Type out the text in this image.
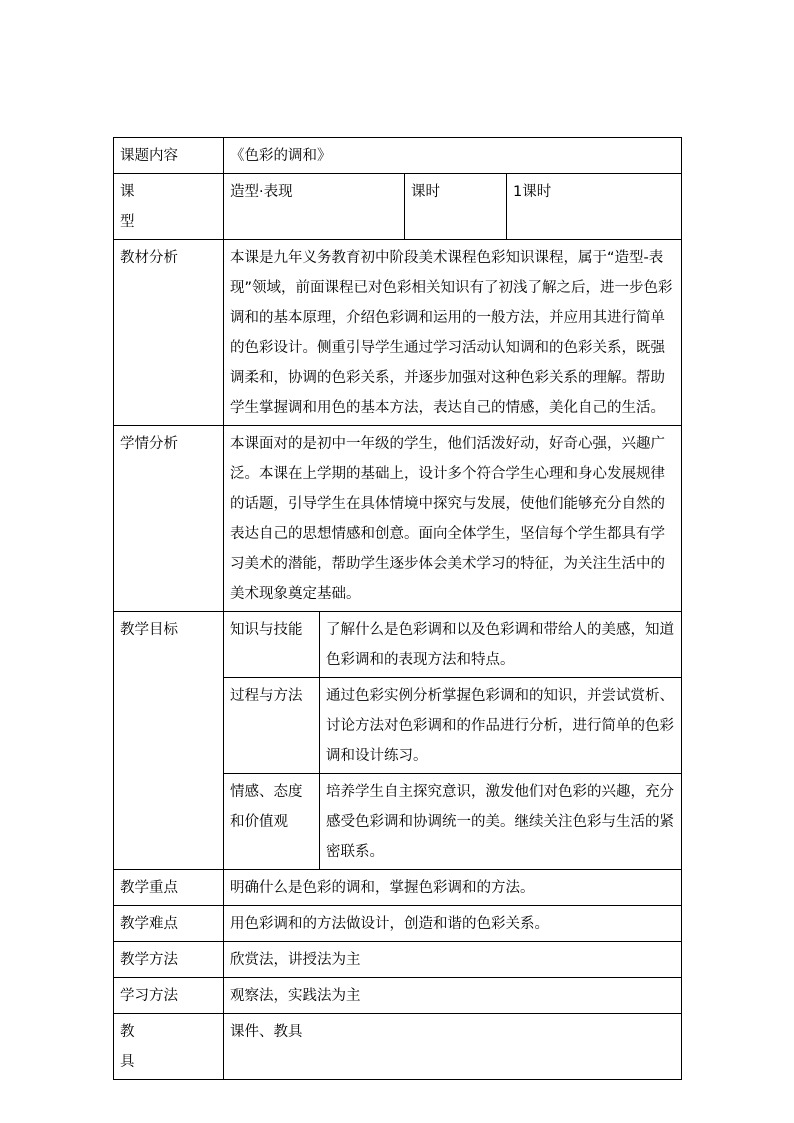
课题内容	《色彩的调和》			
课 型	造型·表现		课时	1课时
教材分析	本课是九年义务教育初中阶段美术课程色彩知识课程，属于“造型-表现”领域，前面课程已对色彩相关知识有了初浅了解之后，进一步色彩调和的基本原理，介绍色彩调和运用的一般方法，并应用其进行简单的色彩设计。侧重引导学生通过学习活动认知调和的色彩关系，既强调柔和，协调的色彩关系，并逐步加强对这种色彩关系的理解。帮助学生掌握调和用色的基本方法，表达自己的情感，美化自己的生活。			
学情分析	本课面对的是初中一年级的学生，他们活泼好动，好奇心强，兴趣广泛。本课在上学期的基础上，设计多个符合学生心理和身心发展规律的话题，引导学生在具体情境中探究与发展，使他们能够充分自然的表达自己的思想情感和创意。面向全体学生，坚信每个学生都具有学习美术的潜能，帮助学生逐步体会美术学习的特征，为关注生活中的美术现象奠定基础。			
教学目标	知识与技能	了解什么是色彩调和以及色彩调和带给人的美感，知道色彩调和的表现方法和特点。		
	过程与方法	通过色彩实例分析掌握色彩调和的知识，并尝试赏析、讨论方法对色彩调和的作品进行分析，进行简单的色彩调和设计练习。		
	情感、态度和价值观	培养学生自主探究意识，激发他们对色彩的兴趣，充分感受色彩调和协调统一的美。继续关注色彩与生活的紧密联系。		
教学重点	明确什么是色彩的调和，掌握色彩调和的方法。			
教学难点	用色彩调和的方法做设计，创造和谐的色彩关系。			
教学方法	欣赏法，讲授法为主			
学习方法	观察法，实践法为主			
教 具	课件、教具			
